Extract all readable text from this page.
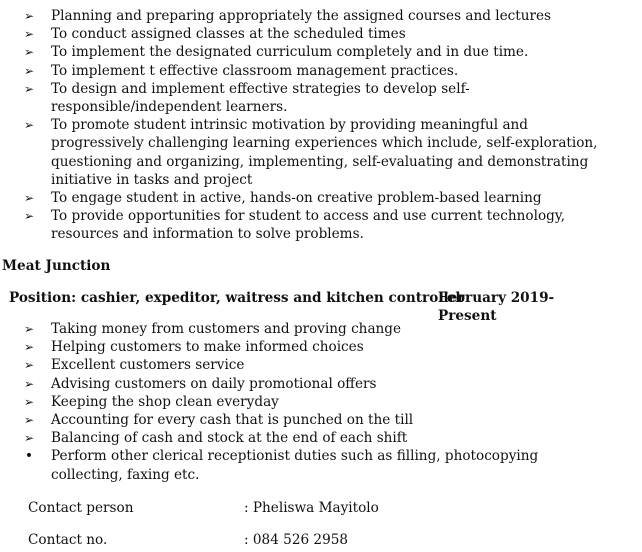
➢ Planning and preparing appropriately the assigned courses and lectures
➢ To conduct assigned classes at the scheduled times
➢ To implement the designated curriculum completely and in due time.
➢ To implement t effective classroom management practices.
➢ To design and implement effective strategies to develop self-responsible/independent learners.
➢ To promote student intrinsic motivation by providing meaningful and progressively challenging learning experiences which include, self-exploration, questioning and organizing, implementing, self-evaluating and demonstrating initiative in tasks and project
➢ To engage student in active, hands-on creative problem-based learning
➢ To provide opportunities for student to access and use current technology, resources and information to solve problems.
Meat Junction
Position: cashier, expeditor, waitress and kitchen controller
February 2019-Present
➢ Taking money from customers and proving change
➢ Helping customers to make informed choices
➢ Excellent customers service
➢ Advising customers on daily promotional offers
➢ Keeping the shop clean everyday
➢ Accounting for every cash that is punched on the till
➢ Balancing of cash and stock at the end of each shift
• Perform other clerical receptionist duties such as filling, photocopying collecting, faxing etc.
Contact person	: Pheliswa Mayitolo
Contact no.	: 084 526 2958
